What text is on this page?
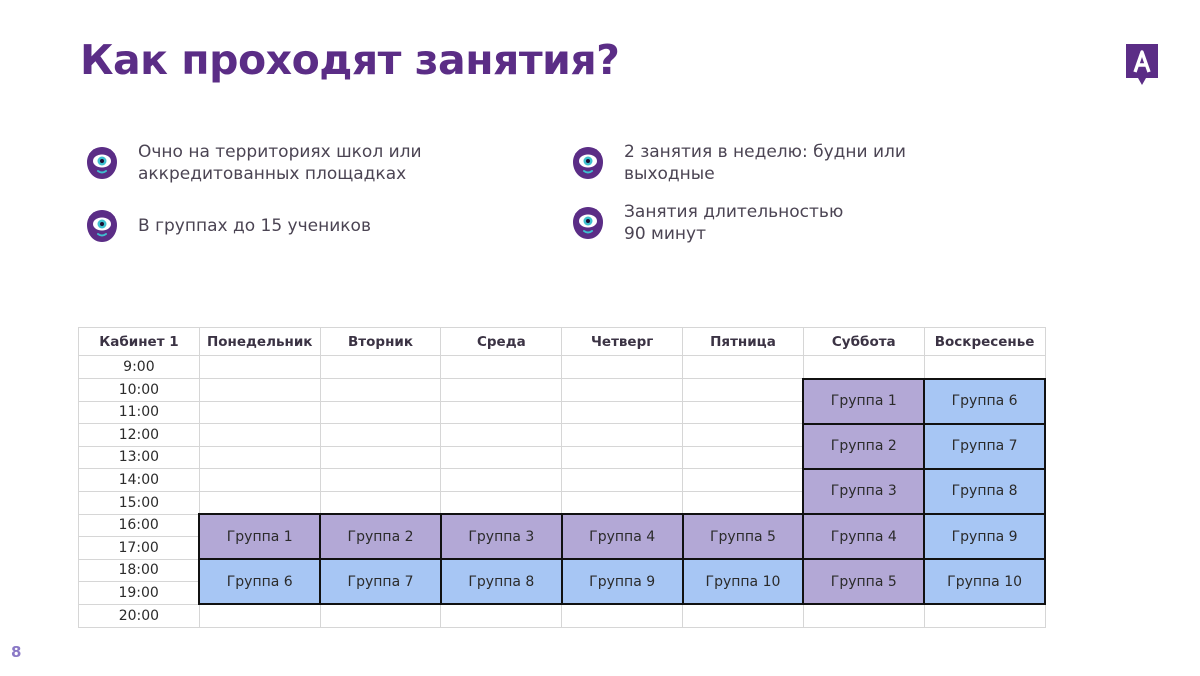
Как проходят занятия?
Очно на территориях школ или
аккредитованных площадках
В группах до 15 учеников
2 занятия в неделю: будни или
выходные
Занятия длительностью
90 минут
Кабинет 1	Понедельник	Вторник	Среда	Четверг	Пятница	Суббота	Воскресенье
9:00							
10:00						Группа 1	Группа 6
11:00							
12:00						Группа 2	Группа 7
13:00							
14:00						Группа 3	Группа 8
15:00							
16:00	Группа 1	Группа 2	Группа 3	Группа 4	Группа 5	Группа 4	Группа 9
17:00							
18:00	Группа 6	Группа 7	Группа 8	Группа 9	Группа 10	Группа 5	Группа 10
19:00							
20:00							
8
